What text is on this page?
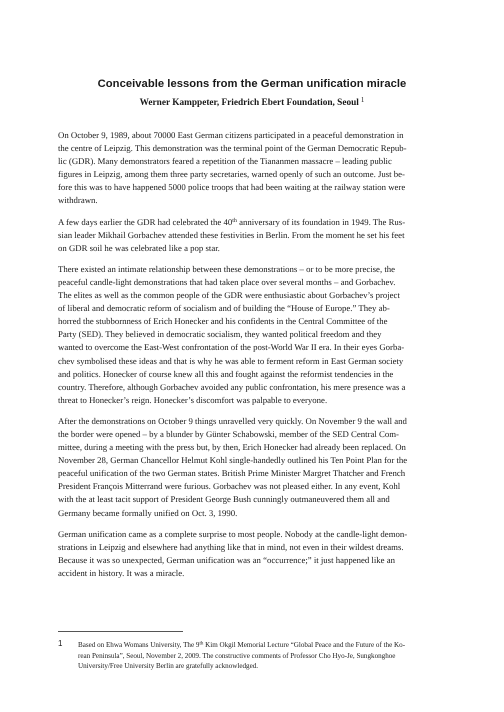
Conceivable lessons from the German unification miracle
Werner Kamppeter, Friedrich Ebert Foundation, Seoul $^1$

On October 9, 1989, about 70000 East German citizens participated in a peaceful demonstration in
the centre of Leipzig. This demonstration was the terminal point of the German Democratic Repub-
lic (GDR). Many demonstrators feared a repetition of the Tiananmen massacre – leading public
figures in Leipzig, among them three party secretaries, warned openly of such an outcome. Just be-
fore this was to have happened 5000 police troops that had been waiting at the railway station were
withdrawn.

A few days earlier the GDR had celebrated the 40th anniversary of its foundation in 1949. The Rus-
sian leader Mikhail Gorbachev attended these festivities in Berlin. From the moment he set his feet
on GDR soil he was celebrated like a pop star.

There existed an intimate relationship between these demonstrations – or to be more precise, the
peaceful candle-light demonstrations that had taken place over several months – and Gorbachev.
The elites as well as the common people of the GDR were enthusiastic about Gorbachev’s project
of liberal and democratic reform of socialism and of building the “House of Europe.” They ab-
horred the stubbornness of Erich Honecker and his confidents in the Central Committee of the
Party (SED). They believed in democratic socialism, they wanted political freedom and they
wanted to overcome the East-West confrontation of the post-World War II era. In their eyes Gorba-
chev symbolised these ideas and that is why he was able to ferment reform in East German society
and politics. Honecker of course knew all this and fought against the reformist tendencies in the
country. Therefore, although Gorbachev avoided any public confrontation, his mere presence was a
threat to Honecker’s reign. Honecker’s discomfort was palpable to everyone.

After the demonstrations on October 9 things unravelled very quickly. On November 9 the wall and
the border were opened – by a blunder by Günter Schabowski, member of the SED Central Com-
mittee, during a meeting with the press but, by then, Erich Honecker had already been replaced. On
November 28, German Chancellor Helmut Kohl single-handedly outlined his Ten Point Plan for the
peaceful unification of the two German states. British Prime Minister Margret Thatcher and French
President François Mitterrand were furious. Gorbachev was not pleased either. In any event, Kohl
with the at least tacit support of President George Bush cunningly outmaneuvered them all and
Germany became formally unified on Oct. 3, 1990.

German unification came as a complete surprise to most people. Nobody at the candle-light demon-
strations in Leipzig and elsewhere had anything like that in mind, not even in their wildest dreams.
Because it was so unexpected, German unification was an “occurrence;” it just happened like an
accident in history. It was a miracle.

1	Based on Ehwa Womans University, The 9th Kim Okgil Memorial Lecture “Global Peace and the Future of the Ko-
rean Peninsula”, Seoul, November 2, 2009. The constructive comments of Professor Cho Hyo-Je, Sungkonghoe
University/Free University Berlin are gratefully acknowledged.
